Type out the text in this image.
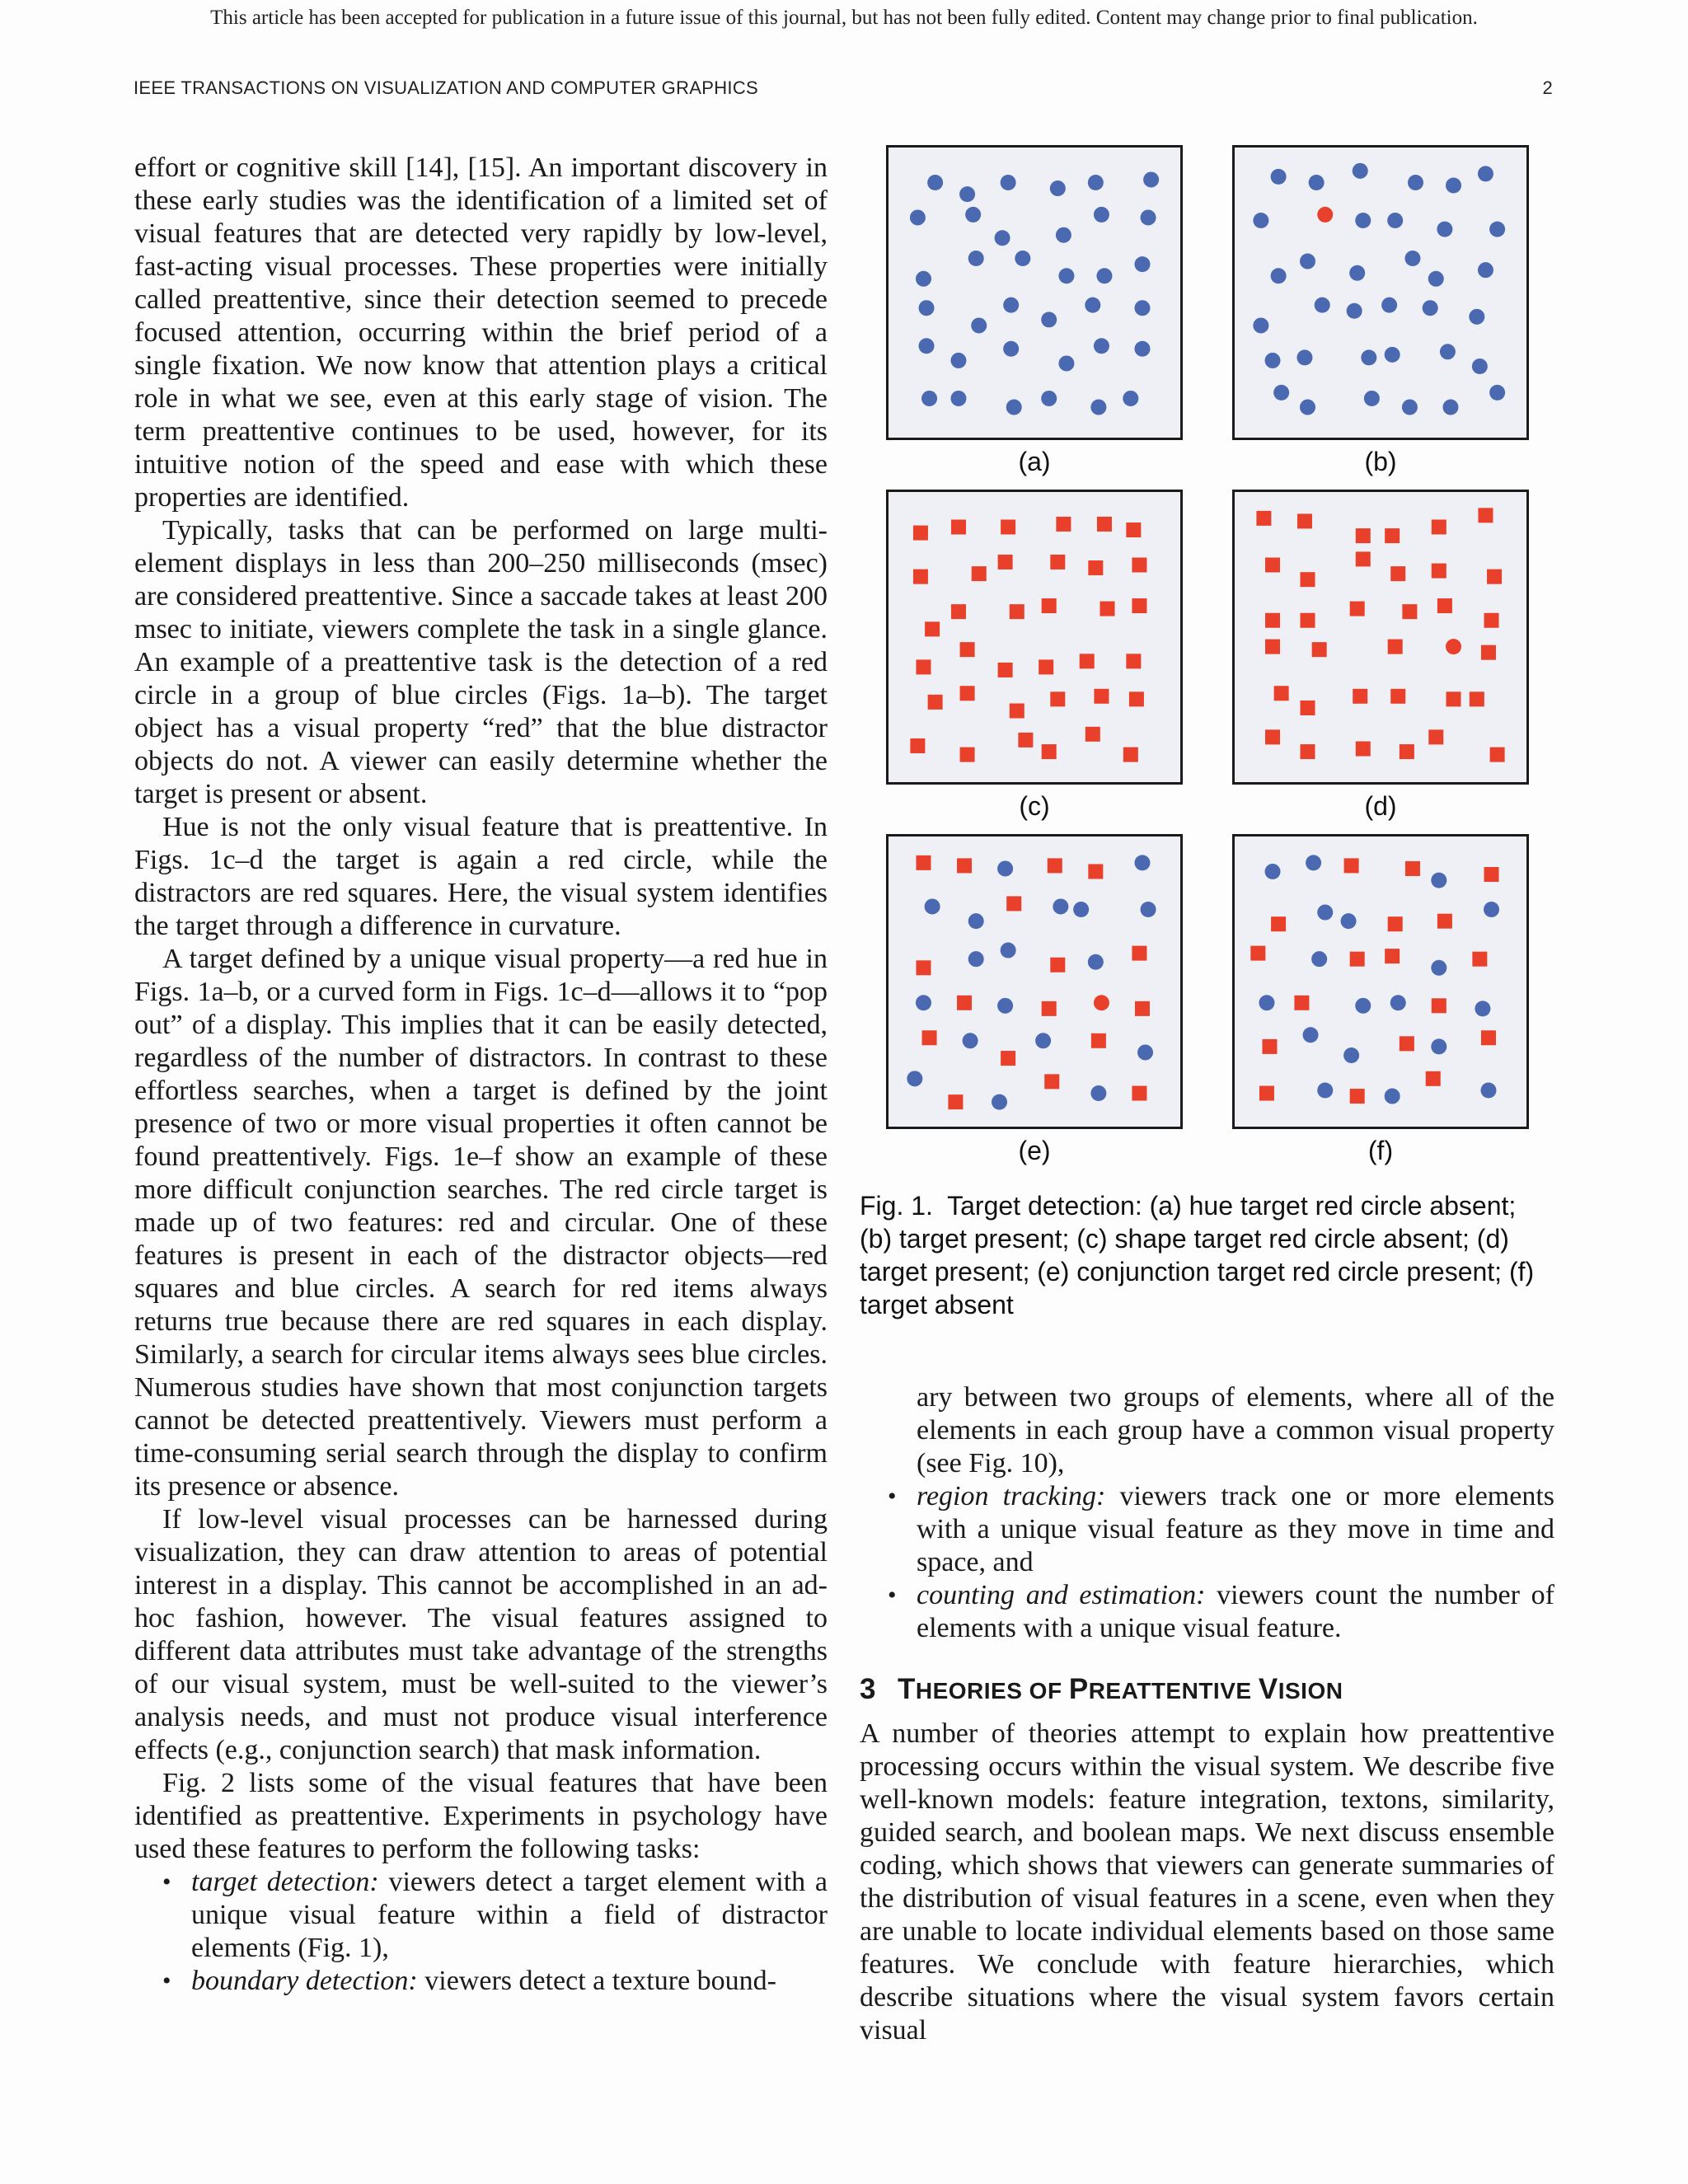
This article has been accepted for publication in a future issue of this journal, but has not been fully edited. Content may change prior to final publication.
IEEE TRANSACTIONS ON VISUALIZATION AND COMPUTER GRAPHICS	2

effort or cognitive skill [14], [15]. An important discovery in these early studies was the identification of a limited set of visual features that are detected very rapidly by low-level, fast-acting visual processes. These properties were initially called preattentive, since their detection seemed to precede focused attention, occurring within the brief period of a single fixation. We now know that attention plays a critical role in what we see, even at this early stage of vision. The term preattentive continues to be used, however, for its intuitive notion of the speed and ease with which these properties are identified.

Typically, tasks that can be performed on large multi-element displays in less than 200–250 milliseconds (msec) are considered preattentive. Since a saccade takes at least 200 msec to initiate, viewers complete the task in a single glance. An example of a preattentive task is the detection of a red circle in a group of blue circles (Figs. 1a–b). The target object has a visual property “red” that the blue distractor objects do not. A viewer can easily determine whether the target is present or absent.

Hue is not the only visual feature that is preattentive. In Figs. 1c–d the target is again a red circle, while the distractors are red squares. Here, the visual system identifies the target through a difference in curvature.

A target defined by a unique visual property—a red hue in Figs. 1a–b, or a curved form in Figs. 1c–d—allows it to “pop out” of a display. This implies that it can be easily detected, regardless of the number of distractors. In contrast to these effortless searches, when a target is defined by the joint presence of two or more visual properties it often cannot be found preattentively. Figs. 1e–f show an example of these more difficult conjunction searches. The red circle target is made up of two features: red and circular. One of these features is present in each of the distractor objects—red squares and blue circles. A search for red items always returns true because there are red squares in each display. Similarly, a search for circular items always sees blue circles. Numerous studies have shown that most conjunction targets cannot be detected preattentively. Viewers must perform a time-consuming serial search through the display to confirm its presence or absence.

If low-level visual processes can be harnessed during visualization, they can draw attention to areas of potential interest in a display. This cannot be accomplished in an ad-hoc fashion, however. The visual features assigned to different data attributes must take advantage of the strengths of our visual system, must be well-suited to the viewer’s analysis needs, and must not produce visual interference effects (e.g., conjunction search) that mask information.

Fig. 2 lists some of the visual features that have been identified as preattentive. Experiments in psychology have used these features to perform the following tasks:

• target detection: viewers detect a target element with a unique visual feature within a field of distractor elements (Fig. 1),
• boundary detection: viewers detect a texture bound-
(a)	(b)
(c)	(d)
(e)	(f)
Fig. 1. Target detection: (a) hue target red circle absent; (b) target present; (c) shape target red circle absent; (d) target present; (e) conjunction target red circle present; (f) target absent
ary between two groups of elements, where all of the elements in each group have a common visual property (see Fig. 10),
• region tracking: viewers track one or more elements with a unique visual feature as they move in time and space, and
• counting and estimation: viewers count the number of elements with a unique visual feature.
3 THEORIES OF PREATTENTIVE VISION

A number of theories attempt to explain how preattentive processing occurs within the visual system. We describe five well-known models: feature integration, textons, similarity, guided search, and boolean maps. We next discuss ensemble coding, which shows that viewers can generate summaries of the distribution of visual features in a scene, even when they are unable to locate individual elements based on those same features. We conclude with feature hierarchies, which describe situations where the visual system favors certain visual
